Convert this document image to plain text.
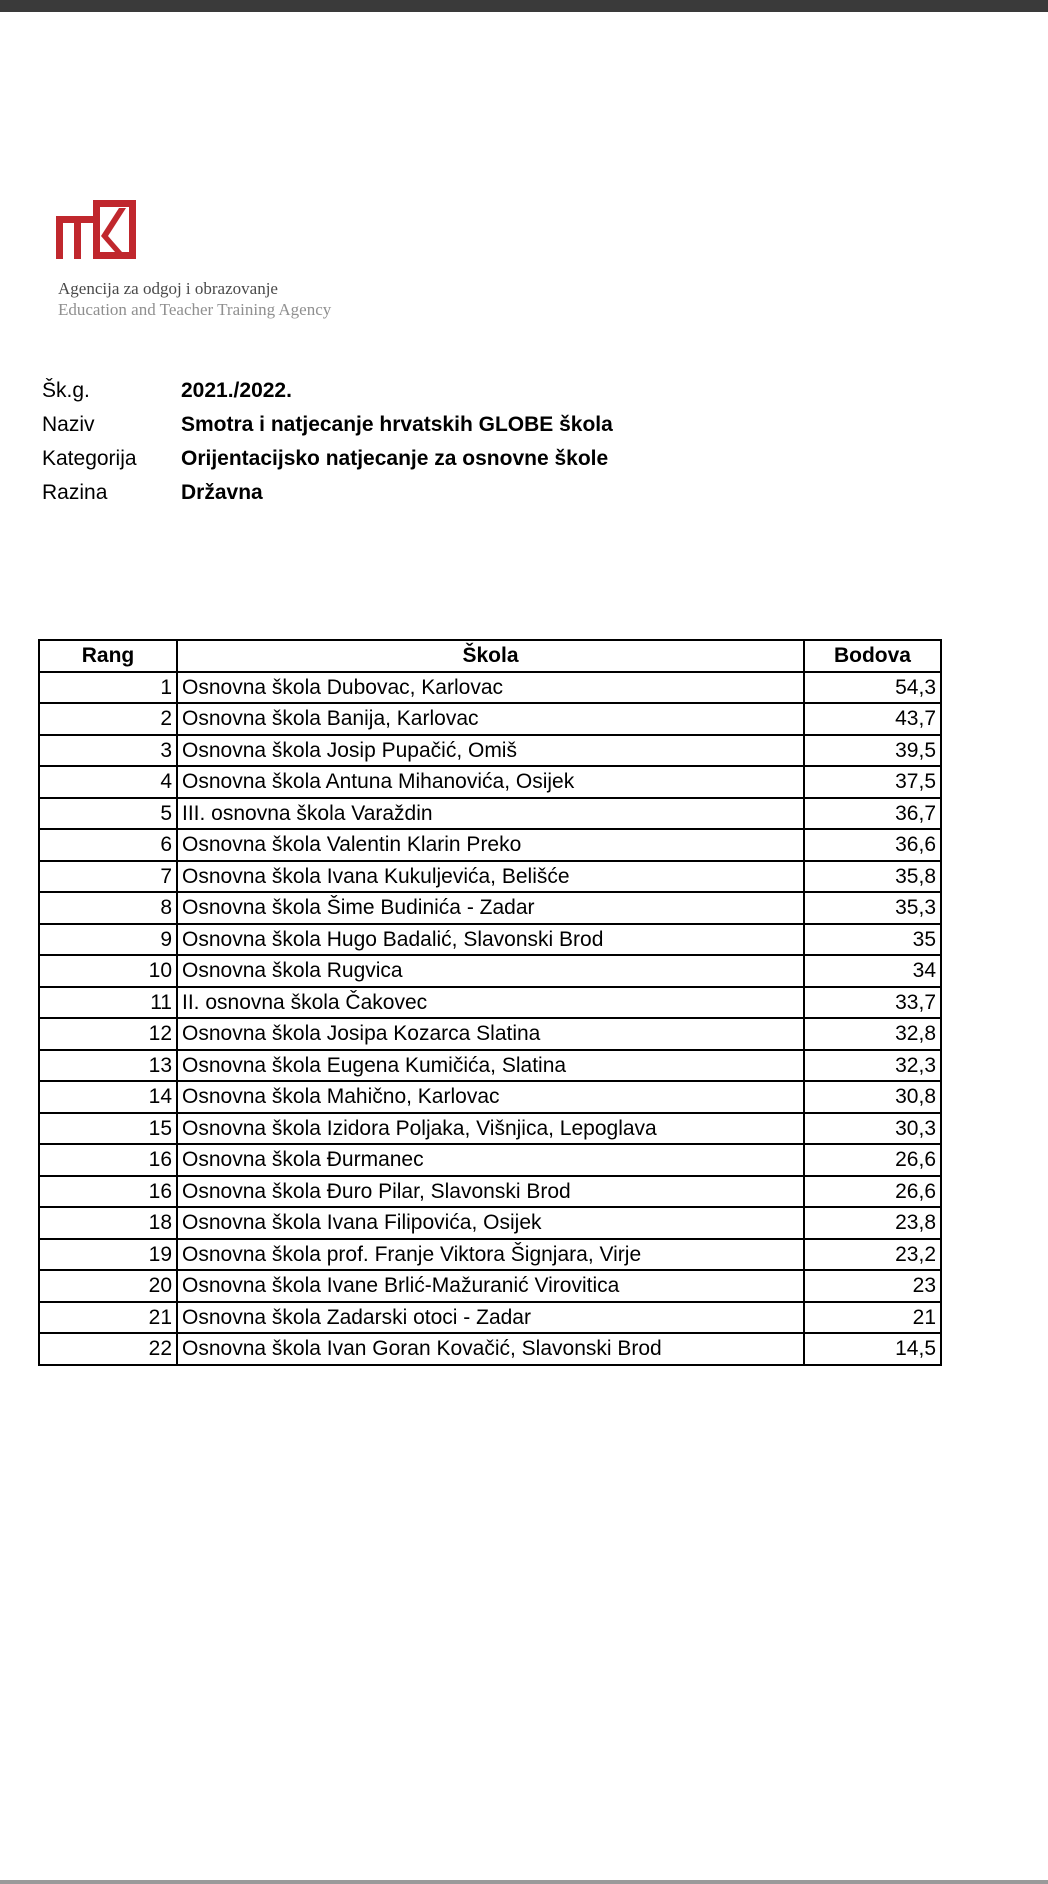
Agencija za odgoj i obrazovanje
Education and Teacher Training Agency
Šk.g.	2021./2022.
Naziv	Smotra i natjecanje hrvatskih GLOBE škola
Kategorija	Orijentacijsko natjecanje za osnovne škole
Razina	Državna
Rang	Škola	Bodova
1	Osnovna škola Dubovac, Karlovac	54,3
2	Osnovna škola Banija, Karlovac	43,7
3	Osnovna škola Josip Pupačić, Omiš	39,5
4	Osnovna škola Antuna Mihanovića, Osijek	37,5
5	III. osnovna škola Varaždin	36,7
6	Osnovna škola Valentin Klarin Preko	36,6
7	Osnovna škola Ivana Kukuljevića, Belišće	35,8
8	Osnovna škola Šime Budinića - Zadar	35,3
9	Osnovna škola Hugo Badalić, Slavonski Brod	35
10	Osnovna škola Rugvica	34
11	II. osnovna škola Čakovec	33,7
12	Osnovna škola Josipa Kozarca Slatina	32,8
13	Osnovna škola Eugena Kumičića, Slatina	32,3
14	Osnovna škola Mahično, Karlovac	30,8
15	Osnovna škola Izidora Poljaka, Višnjica, Lepoglava	30,3
16	Osnovna škola Đurmanec	26,6
16	Osnovna škola Đuro Pilar, Slavonski Brod	26,6
18	Osnovna škola Ivana Filipovića, Osijek	23,8
19	Osnovna škola prof. Franje Viktora Šignjara, Virje	23,2
20	Osnovna škola Ivane Brlić-Mažuranić Virovitica	23
21	Osnovna škola Zadarski otoci - Zadar	21
22	Osnovna škola Ivan Goran Kovačić, Slavonski Brod	14,5
